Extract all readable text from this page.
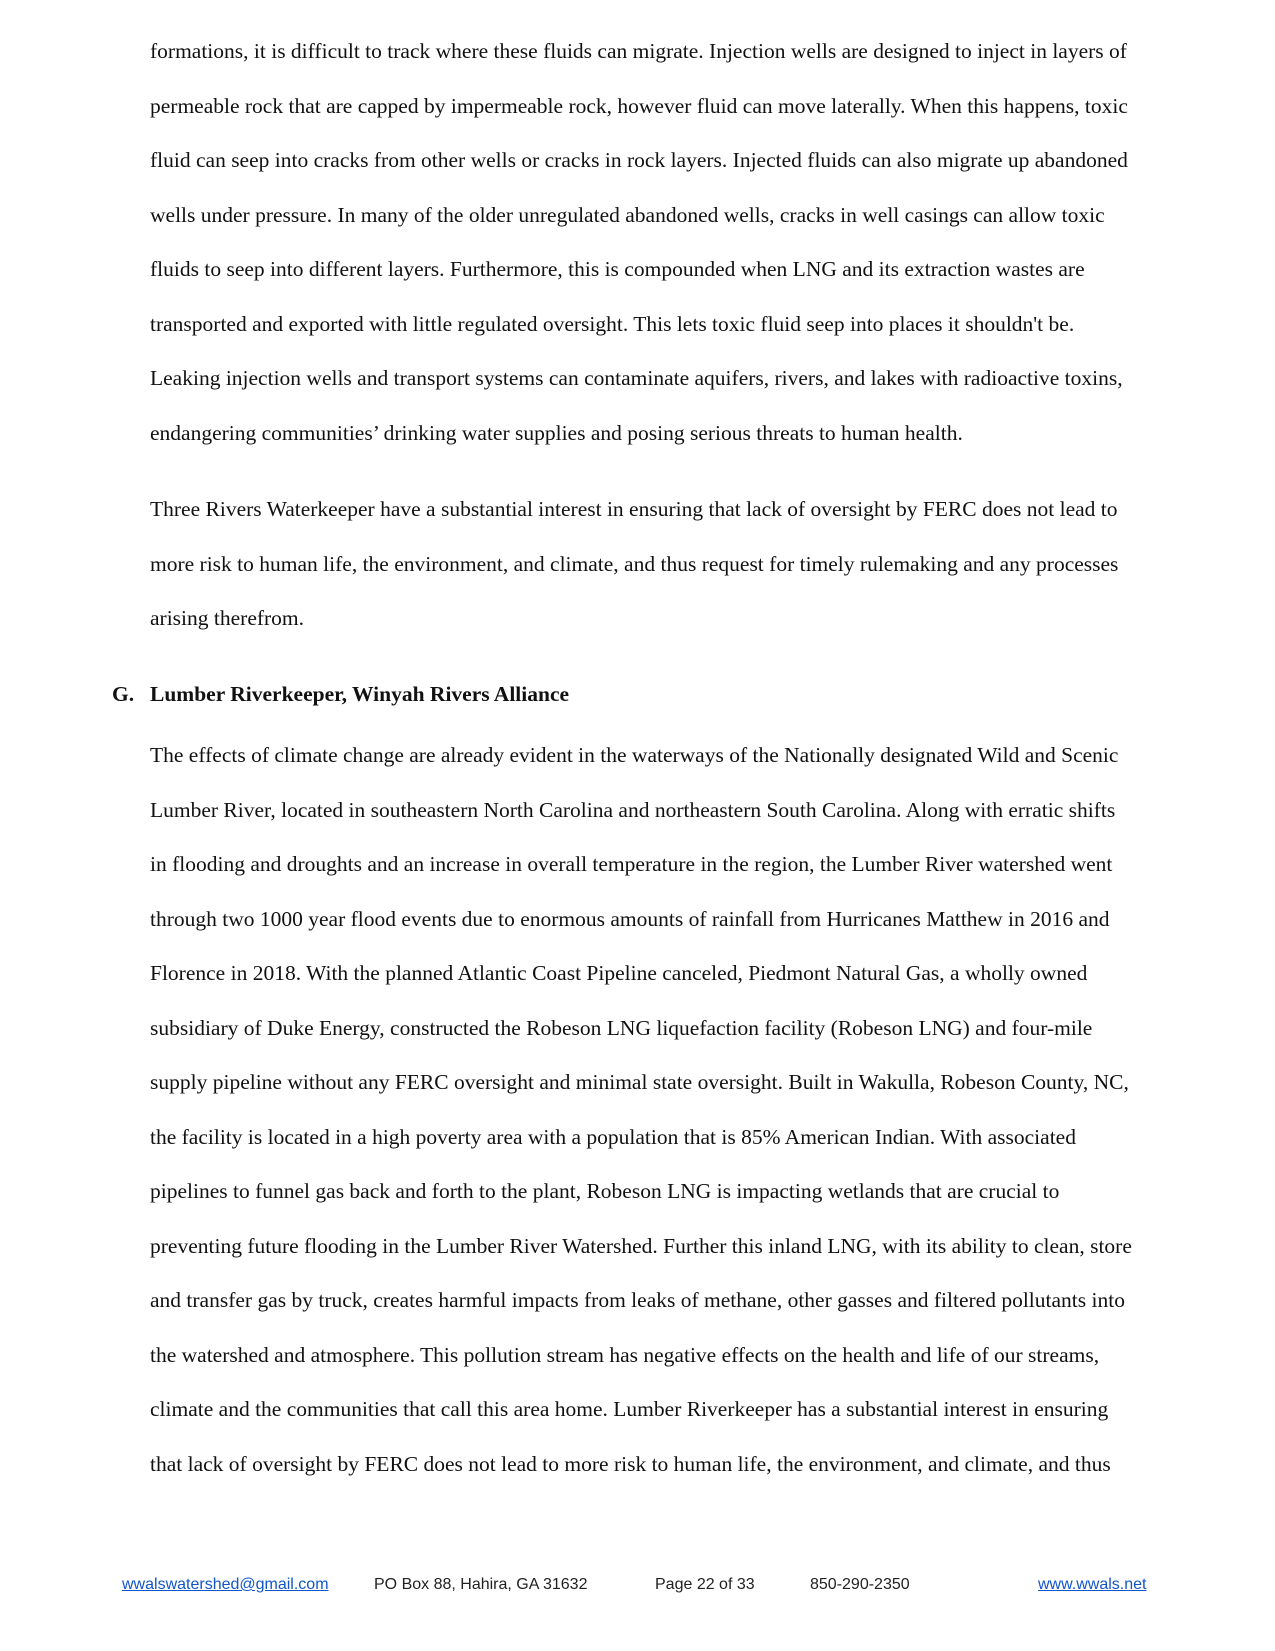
formations, it is difficult to track where these fluids can migrate. Injection wells are designed to inject in layers of
permeable rock that are capped by impermeable rock, however fluid can move laterally. When this happens, toxic
fluid can seep into cracks from other wells or cracks in rock layers. Injected fluids can also migrate up abandoned
wells under pressure. In many of the older unregulated abandoned wells, cracks in well casings can allow toxic
fluids to seep into different layers. Furthermore, this is compounded when LNG and its extraction wastes are
transported and exported with little regulated oversight. This lets toxic fluid seep into places it shouldn't be.
Leaking injection wells and transport systems can contaminate aquifers, rivers, and lakes with radioactive toxins,
endangering communities’ drinking water supplies and posing serious threats to human health.

Three Rivers Waterkeeper have a substantial interest in ensuring that lack of oversight by FERC does not lead to
more risk to human life, the environment, and climate, and thus request for timely rulemaking and any processes
arising therefrom.

G. Lumber Riverkeeper, Winyah Rivers Alliance

The effects of climate change are already evident in the waterways of the Nationally designated Wild and Scenic
Lumber River, located in southeastern North Carolina and northeastern South Carolina. Along with erratic shifts
in flooding and droughts and an increase in overall temperature in the region, the Lumber River watershed went
through two 1000 year flood events due to enormous amounts of rainfall from Hurricanes Matthew in 2016 and
Florence in 2018. With the planned Atlantic Coast Pipeline canceled, Piedmont Natural Gas, a wholly owned
subsidiary of Duke Energy, constructed the Robeson LNG liquefaction facility (Robeson LNG) and four-mile
supply pipeline without any FERC oversight and minimal state oversight. Built in Wakulla, Robeson County, NC,
the facility is located in a high poverty area with a population that is 85% American Indian. With associated
pipelines to funnel gas back and forth to the plant, Robeson LNG is impacting wetlands that are crucial to
preventing future flooding in the Lumber River Watershed. Further this inland LNG, with its ability to clean, store
and transfer gas by truck, creates harmful impacts from leaks of methane, other gasses and filtered pollutants into
the watershed and atmosphere. This pollution stream has negative effects on the health and life of our streams,
climate and the communities that call this area home. Lumber Riverkeeper has a substantial interest in ensuring
that lack of oversight by FERC does not lead to more risk to human life, the environment, and climate, and thus

wwalswatershed@gmail.com	PO Box 88, Hahira, GA 31632	Page 22 of 33	850-290-2350	www.wwals.net
